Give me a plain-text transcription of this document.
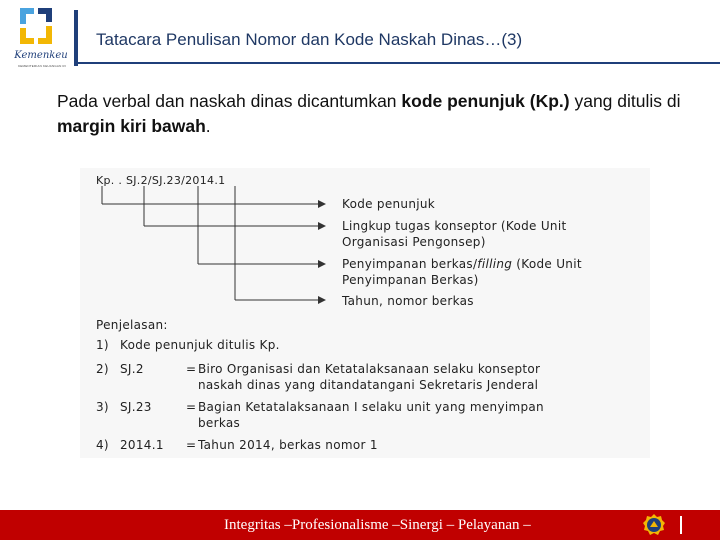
Kemenkeu
KEMENTERIAN KEUANGAN RI
Tatacara Penulisan Nomor dan Kode Naskah Dinas…(3)
Pada verbal dan naskah dinas dicantumkan kode penunjuk (Kp.) yang ditulis di margin kiri bawah.
Kp. . SJ.2/SJ.23/2014.1
Kode penunjuk
Lingkup tugas konseptor (Kode Unit
Organisasi Pengonsep)
Penyimpanan berkas/filling (Kode Unit
Penyimpanan Berkas)
Tahun, nomor berkas
Penjelasan:
1) Kode penunjuk ditulis Kp.
2) SJ.2	= Biro Organisasi dan Ketatalaksanaan selaku konseptor
naskah dinas yang ditandatangani Sekretaris Jenderal
3) SJ.23	= Bagian Ketatalaksanaan I selaku unit yang menyimpan
berkas
4) 2014.1 = Tahun 2014, berkas nomor 1
Integritas –Profesionalisme –Sinergi – Pelayanan –
